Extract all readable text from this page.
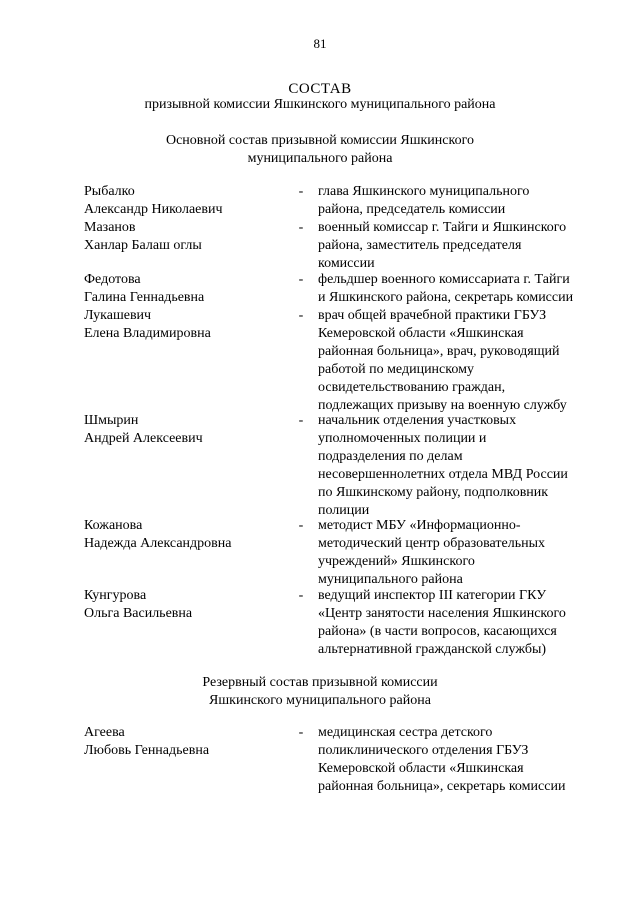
81
СОСТАВ
призывной комиссии Яшкинского муниципального района
Основной состав призывной комиссии Яшкинского
муниципального района
Рыбалко
Александр Николаевич
-	глава Яшкинского муниципального
района, председатель комиссии
Мазанов
Ханлар Балаш оглы
-	военный комиссар г. Тайги и Яшкинского
района, заместитель председателя
комиссии
Федотова
Галина Геннадьевна
-	фельдшер военного комиссариата г. Тайги
и Яшкинского района, секретарь комиссии
Лукашевич
Елена Владимировна
-	врач общей врачебной практики ГБУЗ
Кемеровской области «Яшкинская
районная больница», врач, руководящий
работой по медицинскому
освидетельствованию граждан,
подлежащих призыву на военную службу
Шмырин
Андрей Алексеевич
-	начальник отделения участковых
уполномоченных полиции и
подразделения по делам
несовершеннолетних отдела МВД России
по Яшкинскому району, подполковник
полиции
Кожанова
Надежда Александровна
-	методист МБУ «Информационно-
методический центр образовательных
учреждений» Яшкинского
муниципального района
Кунгурова
Ольга Васильевна
-	ведущий инспектор III категории ГКУ
«Центр занятости населения Яшкинского
района» (в части вопросов, касающихся
альтернативной гражданской службы)
Резервный состав призывной комиссии
Яшкинского муниципального района
Агеева
Любовь Геннадьевна
-	медицинская сестра детского
поликлинического отделения ГБУЗ
Кемеровской области «Яшкинская
районная больница», секретарь комиссии
